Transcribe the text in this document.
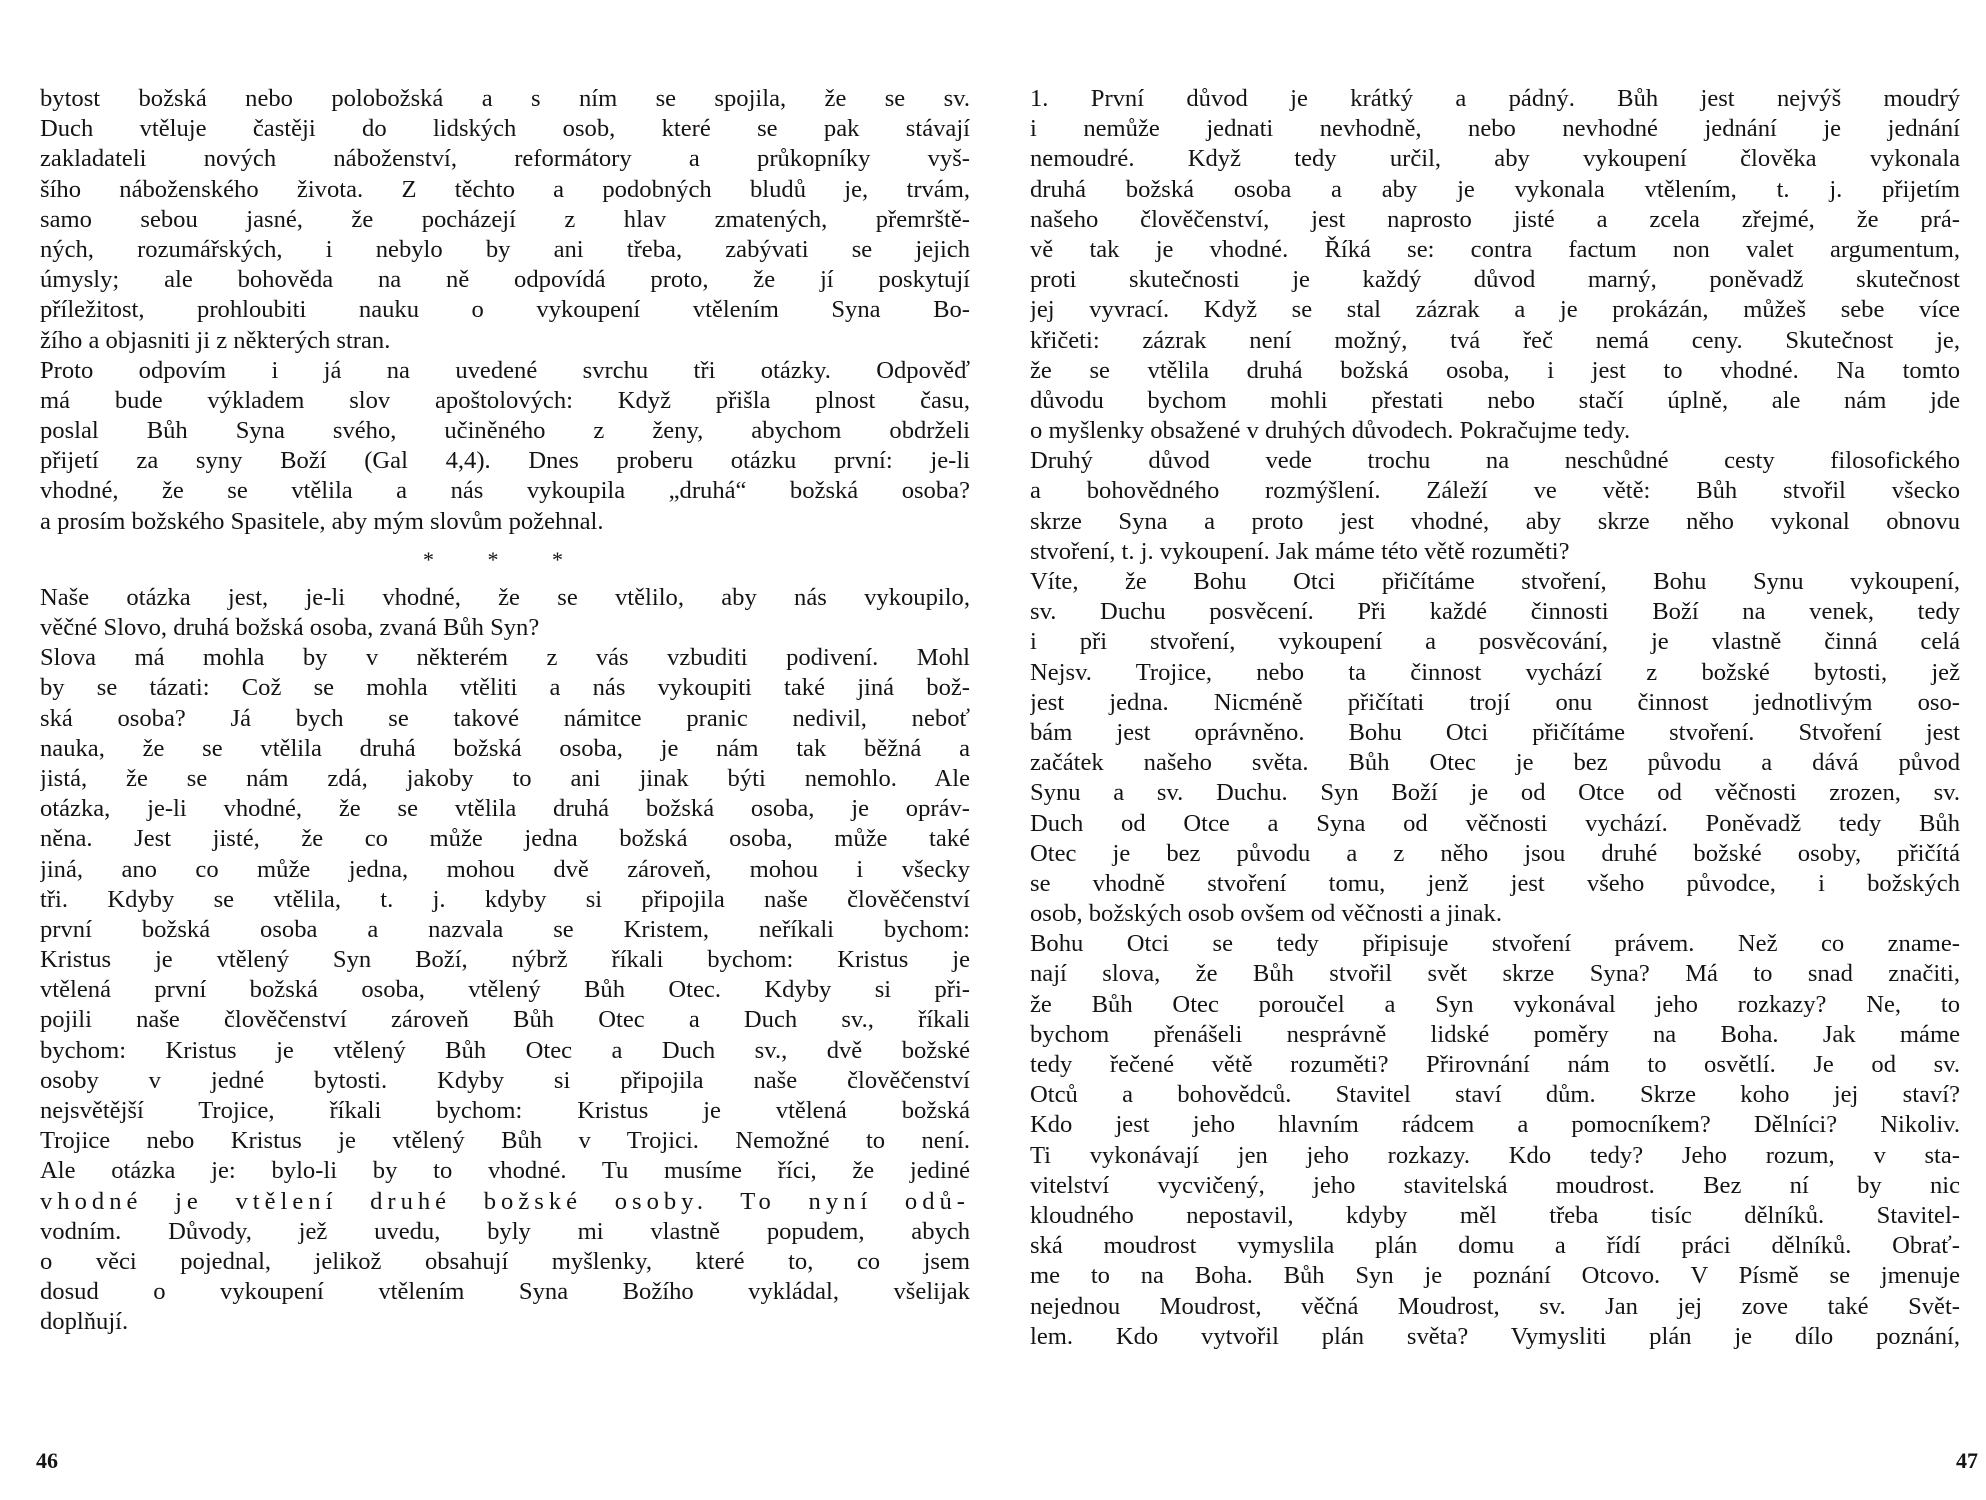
bytost božská nebo polobožská a s ním se spojila, že se sv.
Duch vtěluje častěji do lidských osob, které se pak stávají
zakladateli nových náboženství, reformátory a průkopníky vyš-
šího náboženského života. Z těchto a podobných bludů je, trvám,
samo sebou jasné, že pocházejí z hlav zmatených, přemrště-
ných, rozumářských, i nebylo by ani třeba, zabývati se jejich
úmysly; ale bohověda na ně odpovídá proto, že jí poskytují
příležitost, prohloubiti nauku o vykoupení vtělením Syna Bo-
žího a objasniti ji z některých stran.
Proto odpovím i já na uvedené svrchu tři otázky. Odpověď
má bude výkladem slov apoštolových: Když přišla plnost času,
poslal Bůh Syna svého, učiněného z ženy, abychom obdrželi
přijetí za syny Boží (Gal 4,4). Dnes proberu otázku první: je-li
vhodné, že se vtělila a nás vykoupila „druhá“ božská osoba?
a prosím božského Spasitele, aby mým slovům požehnal.
* * *
Naše otázka jest, je-li vhodné, že se vtělilo, aby nás vykoupilo,
věčné Slovo, druhá božská osoba, zvaná Bůh Syn?
Slova má mohla by v některém z vás vzbuditi podivení. Mohl
by se tázati: Což se mohla vtěliti a nás vykoupiti také jiná bož-
ská osoba? Já bych se takové námitce pranic nedivil, neboť
nauka, že se vtělila druhá božská osoba, je nám tak běžná a
jistá, že se nám zdá, jakoby to ani jinak býti nemohlo. Ale
otázka, je-li vhodné, že se vtělila druhá božská osoba, je opráv-
něna. Jest jisté, že co může jedna božská osoba, může také
jiná, ano co může jedna, mohou dvě zároveň, mohou i všecky
tři. Kdyby se vtělila, t. j. kdyby si připojila naše člověčenství
první božská osoba a nazvala se Kristem, neříkali bychom:
Kristus je vtělený Syn Boží, nýbrž říkali bychom: Kristus je
vtělená první božská osoba, vtělený Bůh Otec. Kdyby si při-
pojili naše člověčenství zároveň Bůh Otec a Duch sv., říkali
bychom: Kristus je vtělený Bůh Otec a Duch sv., dvě božské
osoby v jedné bytosti. Kdyby si připojila naše člověčenství
nejsvětější Trojice, říkali bychom: Kristus je vtělená božská
Trojice nebo Kristus je vtělený Bůh v Trojici. Nemožné to není.
Ale otázka je: bylo-li by to vhodné. Tu musíme říci, že jediné
vhodné je vtělení druhé božské osoby. To nyní odů-
vodním. Důvody, jež uvedu, byly mi vlastně popudem, abych
o věci pojednal, jelikož obsahují myšlenky, které to, co jsem
dosud o vykoupení vtělením Syna Božího vykládal, všelijak
doplňují.
46
1. První důvod je krátký a pádný. Bůh jest nejvýš moudrý
i nemůže jednati nevhodně, nebo nevhodné jednání je jednání
nemoudré. Když tedy určil, aby vykoupení člověka vykonala
druhá božská osoba a aby je vykonala vtělením, t. j. přijetím
našeho člověčenství, jest naprosto jisté a zcela zřejmé, že prá-
vě tak je vhodné. Říká se: contra factum non valet argumentum,
proti skutečnosti je každý důvod marný, poněvadž skutečnost
jej vyvrací. Když se stal zázrak a je prokázán, můžeš sebe více
křičeti: zázrak není možný, tvá řeč nemá ceny. Skutečnost je,
že se vtělila druhá božská osoba, i jest to vhodné. Na tomto
důvodu bychom mohli přestati nebo stačí úplně, ale nám jde
o myšlenky obsažené v druhých důvodech. Pokračujme tedy.
Druhý důvod vede trochu na neschůdné cesty filosofického
a bohovědného rozmýšlení. Záleží ve větě: Bůh stvořil všecko
skrze Syna a proto jest vhodné, aby skrze něho vykonal obnovu
stvoření, t. j. vykoupení. Jak máme této větě rozuměti?
Víte, že Bohu Otci přičítáme stvoření, Bohu Synu vykoupení,
sv. Duchu posvěcení. Při každé činnosti Boží na venek, tedy
i při stvoření, vykoupení a posvěcování, je vlastně činná celá
Nejsv. Trojice, nebo ta činnost vychází z božské bytosti, jež
jest jedna. Nicméně přičítati trojí onu činnost jednotlivým oso-
bám jest oprávněno. Bohu Otci přičítáme stvoření. Stvoření jest
začátek našeho světa. Bůh Otec je bez původu a dává původ
Synu a sv. Duchu. Syn Boží je od Otce od věčnosti zrozen, sv.
Duch od Otce a Syna od věčnosti vychází. Poněvadž tedy Bůh
Otec je bez původu a z něho jsou druhé božské osoby, přičítá
se vhodně stvoření tomu, jenž jest všeho původce, i božských
osob, božských osob ovšem od věčnosti a jinak.
Bohu Otci se tedy připisuje stvoření právem. Než co zname-
nají slova, že Bůh stvořil svět skrze Syna? Má to snad značiti,
že Bůh Otec poroučel a Syn vykonával jeho rozkazy? Ne, to
bychom přenášeli nesprávně lidské poměry na Boha. Jak máme
tedy řečené větě rozuměti? Přirovnání nám to osvětlí. Je od sv.
Otců a bohovědců. Stavitel staví dům. Skrze koho jej staví?
Kdo jest jeho hlavním rádcem a pomocníkem? Dělníci? Nikoliv.
Ti vykonávají jen jeho rozkazy. Kdo tedy? Jeho rozum, v sta-
vitelství vycvičený, jeho stavitelská moudrost. Bez ní by nic
kloudného nepostavil, kdyby měl třeba tisíc dělníků. Stavitel-
ská moudrost vymyslila plán domu a řídí práci dělníků. Obrať-
me to na Boha. Bůh Syn je poznání Otcovo. V Písmě se jmenuje
nejednou Moudrost, věčná Moudrost, sv. Jan jej zove také Svět-
lem. Kdo vytvořil plán světa? Vymysliti plán je dílo poznání,
47
